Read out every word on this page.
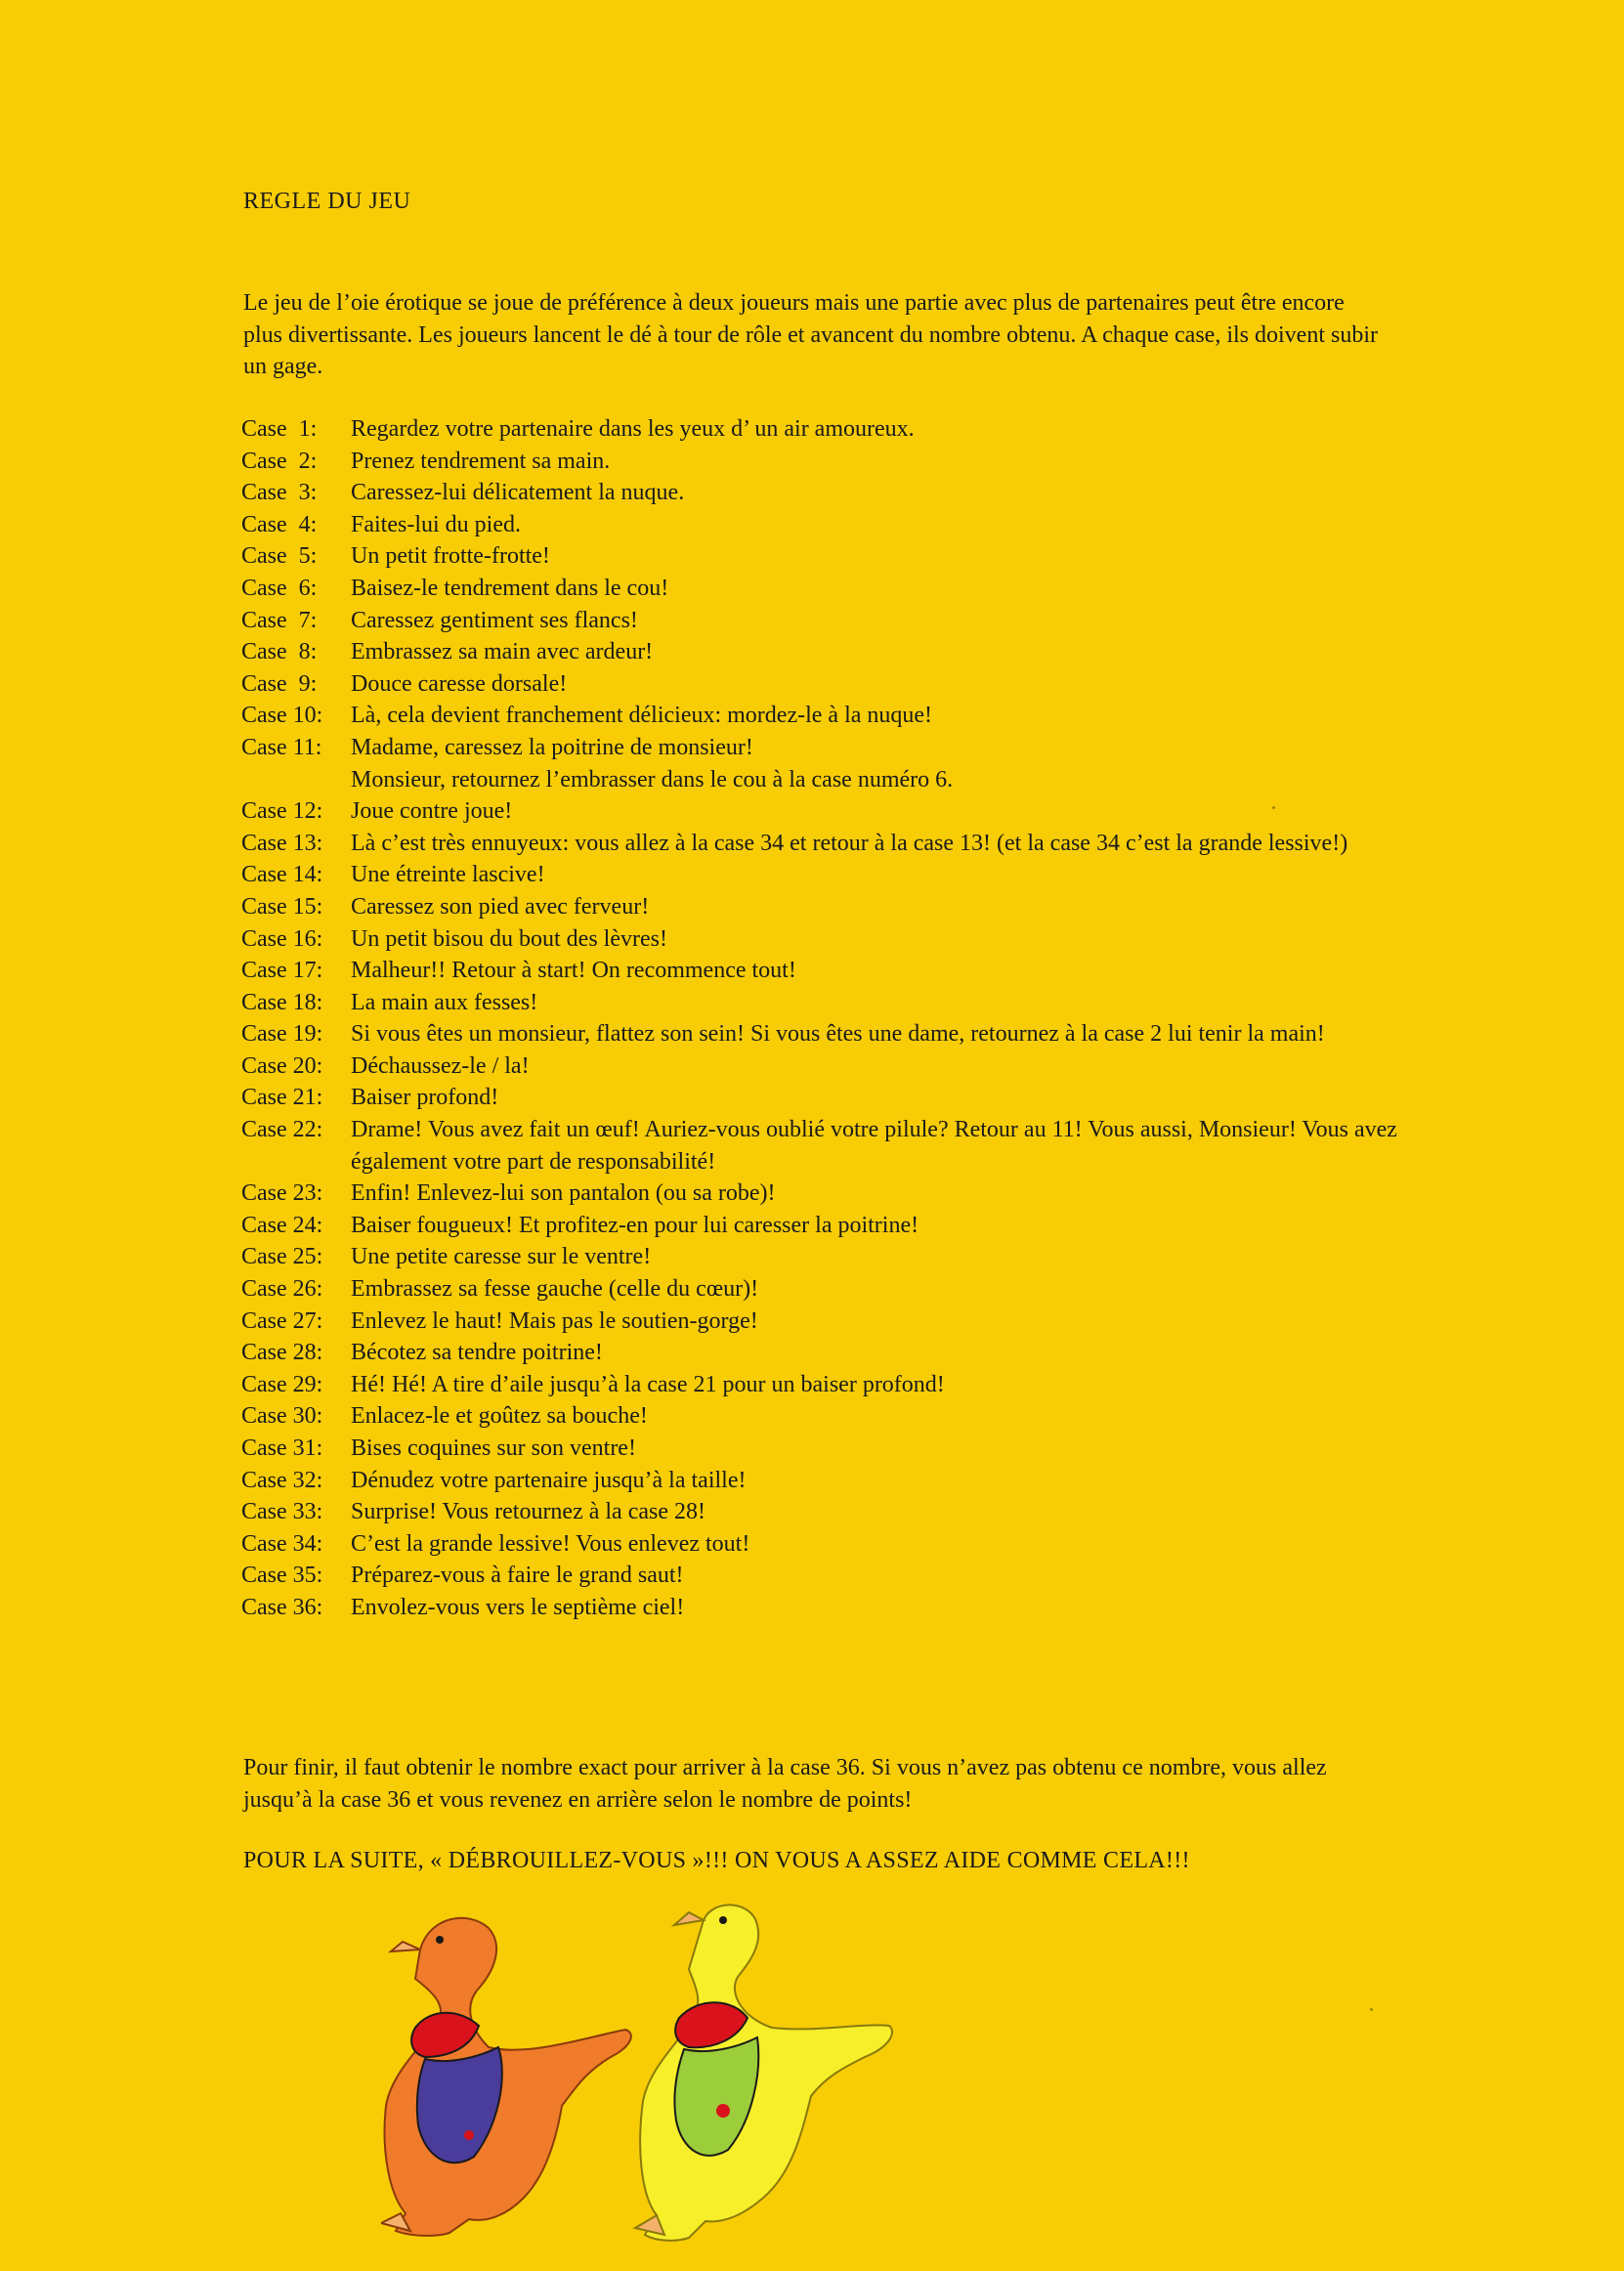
REGLE DU JEU
Le jeu de l’oie érotique se joue de préférence à deux joueurs mais une partie avec plus de partenaires peut être encore plus divertissante. Les joueurs lancent le dé à tour de rôle et avancent du nombre obtenu. A chaque case, ils doivent subir un gage.
Case  1:	Regardez votre partenaire dans les yeux d’ un air amoureux.
Case  2:	Prenez tendrement sa main.
Case  3:	Caressez-lui délicatement la nuque.
Case  4:	Faites-lui du pied.
Case  5:	Un petit frotte-frotte!
Case  6:	Baisez-le tendrement dans le cou!
Case  7:	Caressez gentiment ses flancs!
Case  8:	Embrassez sa main avec ardeur!
Case  9:	Douce caresse dorsale!
Case 10:	Là, cela devient franchement délicieux: mordez-le à la nuque!
Case 11:	Madame, caressez la poitrine de monsieur!
Monsieur, retournez l’embrasser dans le cou à la case numéro 6.
Case 12:	Joue contre joue!
Case 13:	Là c’est très ennuyeux: vous allez à la case 34 et retour à la case 13! (et la case 34 c’est la grande lessive!)
Case 14:	Une étreinte lascive!
Case 15:	Caressez son pied avec ferveur!
Case 16:	Un petit bisou du bout des lèvres!
Case 17:	Malheur!! Retour à start! On recommence tout!
Case 18:	La main aux fesses!
Case 19:	Si vous êtes un monsieur, flattez son sein! Si vous êtes une dame, retournez à la case 2 lui tenir la main!
Case 20:	Déchaussez-le / la!
Case 21:	Baiser profond!
Case 22:	Drame! Vous avez fait un œuf! Auriez-vous oublié votre pilule? Retour au 11! Vous aussi, Monsieur! Vous avez également votre part de responsabilité!
Case 23:	Enfin! Enlevez-lui son pantalon (ou sa robe)!
Case 24:	Baiser fougueux! Et profitez-en pour lui caresser la poitrine!
Case 25:	Une petite caresse sur le ventre!
Case 26:	Embrassez sa fesse gauche (celle du cœur)!
Case 27:	Enlevez le haut! Mais pas le soutien-gorge!
Case 28:	Bécotez sa tendre poitrine!
Case 29:	Hé! Hé! A tire d’aile jusqu’à la case 21 pour un baiser profond!
Case 30:	Enlacez-le et goûtez sa bouche!
Case 31:	Bises coquines sur son ventre!
Case 32:	Dénudez votre partenaire jusqu’à la taille!
Case 33:	Surprise! Vous retournez à la case 28!
Case 34:	C’est la grande lessive! Vous enlevez tout!
Case 35:	Préparez-vous à faire le grand saut!
Case 36:	Envolez-vous vers le septième ciel!
Pour finir, il faut obtenir le nombre exact pour arriver à la case 36. Si vous n’avez pas obtenu ce nombre, vous allez jusqu’à la case 36 et vous revenez en arrière selon le nombre de points!
POUR LA SUITE, « DÉBROUILLEZ-VOUS »!!! ON VOUS A ASSEZ AIDE COMME CELA!!!
